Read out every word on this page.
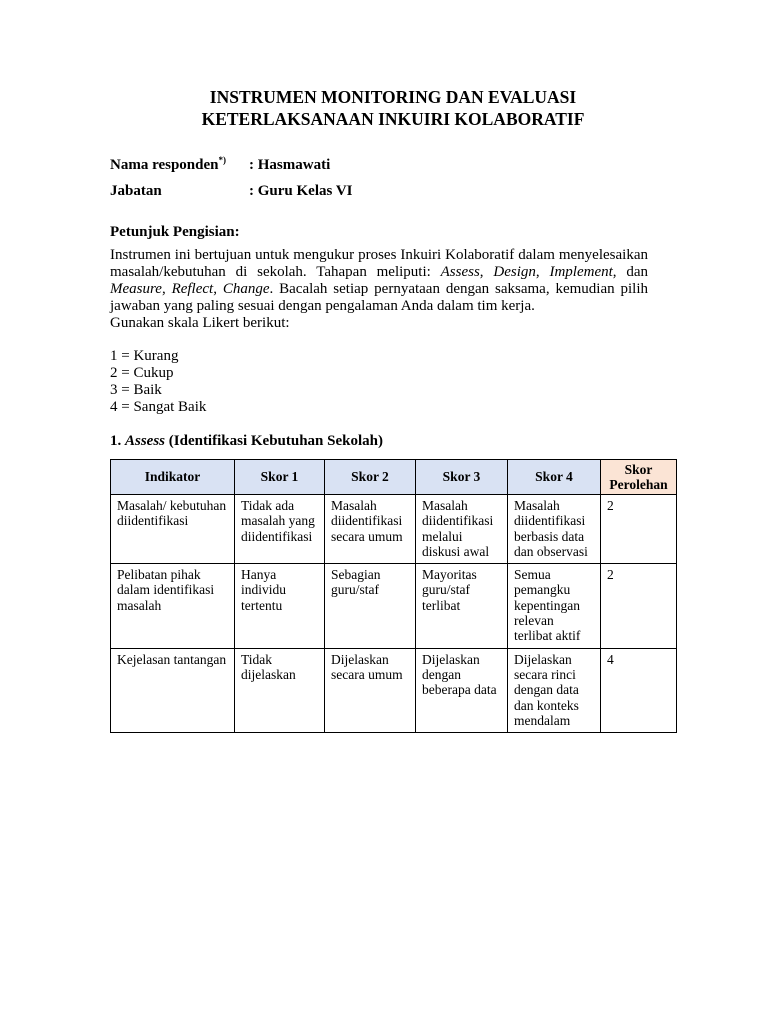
INSTRUMEN MONITORING DAN EVALUASI
KETERLAKSANAAN INKUIRI KOLABORATIF
Nama responden*) : Hasmawati
Jabatan	: Guru Kelas VI
Petunjuk Pengisian:
Instrumen ini bertujuan untuk mengukur proses Inkuiri Kolaboratif dalam menyelesaikan masalah/kebutuhan di sekolah. Tahapan meliputi: Assess, Design, Implement, dan Measure, Reflect, Change. Bacalah setiap pernyataan dengan saksama, kemudian pilih jawaban yang paling sesuai dengan pengalaman Anda dalam tim kerja.
Gunakan skala Likert berikut:
1 = Kurang
2 = Cukup
3 = Baik
4 = Sangat Baik
1. Assess (Identifikasi Kebutuhan Sekolah)
Indikator	Skor 1	Skor 2	Skor 3	Skor 4	Skor Perolehan
Masalah/ kebutuhan diidentifikasi	Tidak ada masalah yang diidentifikasi	Masalah diidentifikasi secara umum	Masalah diidentifikasi melalui diskusi awal	Masalah diidentifikasi berbasis data dan observasi	2
Pelibatan pihak dalam identifikasi masalah	Hanya individu tertentu	Sebagian guru/staf	Mayoritas guru/staf terlibat	Semua pemangku kepentingan relevan terlibat aktif	2
Kejelasan tantangan	Tidak dijelaskan	Dijelaskan secara umum	Dijelaskan dengan beberapa data	Dijelaskan secara rinci dengan data dan konteks mendalam	4
